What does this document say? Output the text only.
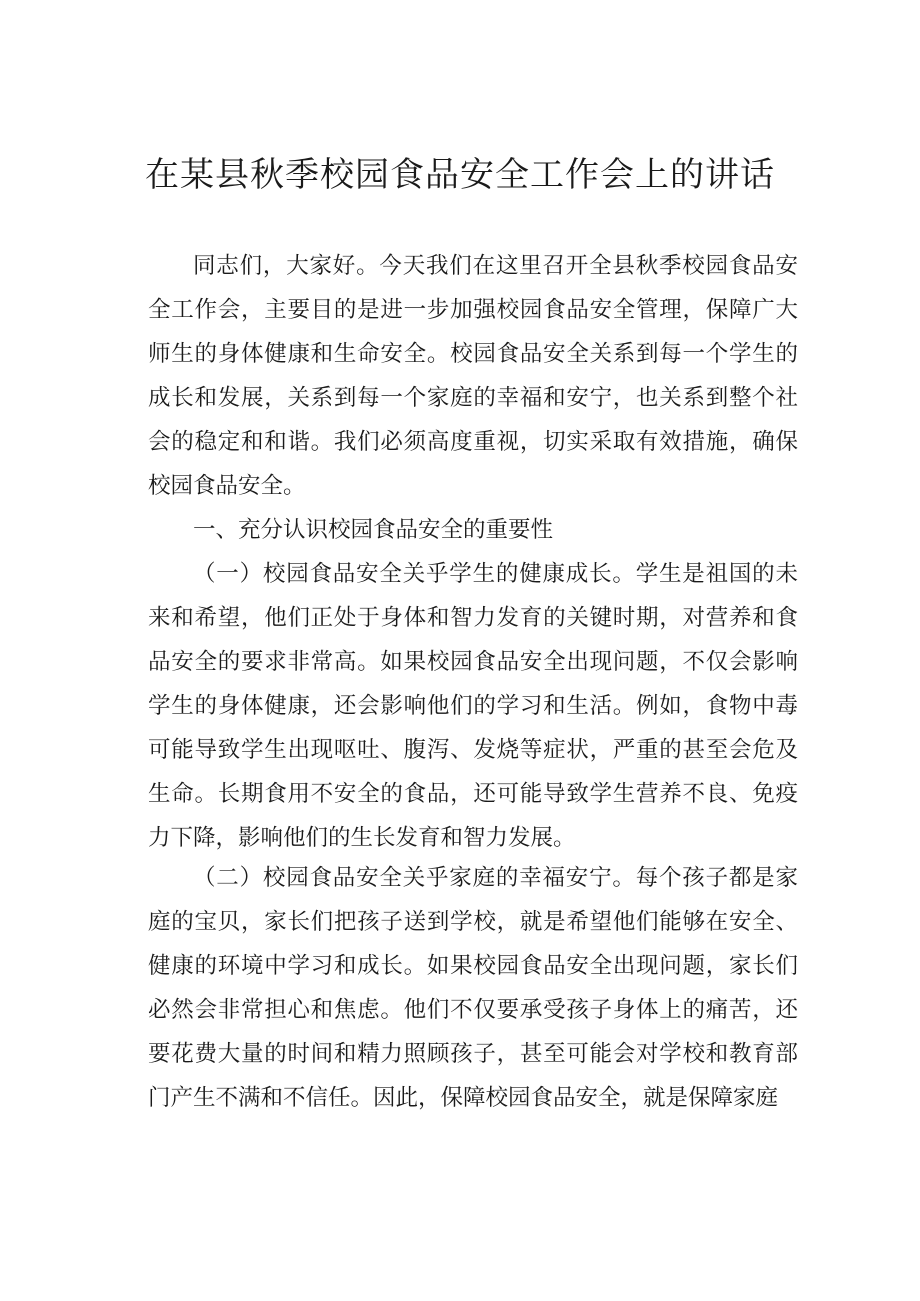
在某县秋季校园食品安全工作会上的讲话

同志们，大家好。今天我们在这里召开全县秋季校园食品安全工作会，主要目的是进一步加强校园食品安全管理，保障广大师生的身体健康和生命安全。校园食品安全关系到每一个学生的成长和发展，关系到每一个家庭的幸福和安宁，也关系到整个社会的稳定和和谐。我们必须高度重视，切实采取有效措施，确保校园食品安全。

一、充分认识校园食品安全的重要性

（一）校园食品安全关乎学生的健康成长。学生是祖国的未来和希望，他们正处于身体和智力发育的关键时期，对营养和食品安全的要求非常高。如果校园食品安全出现问题，不仅会影响学生的身体健康，还会影响他们的学习和生活。例如，食物中毒可能导致学生出现呕吐、腹泻、发烧等症状，严重的甚至会危及生命。长期食用不安全的食品，还可能导致学生营养不良、免疫力下降，影响他们的生长发育和智力发展。

（二）校园食品安全关乎家庭的幸福安宁。每个孩子都是家庭的宝贝，家长们把孩子送到学校，就是希望他们能够在安全、健康的环境中学习和成长。如果校园食品安全出现问题，家长们必然会非常担心和焦虑。他们不仅要承受孩子身体上的痛苦，还要花费大量的时间和精力照顾孩子，甚至可能会对学校和教育部门产生不满和不信任。因此，保障校园食品安全，就是保障家庭
